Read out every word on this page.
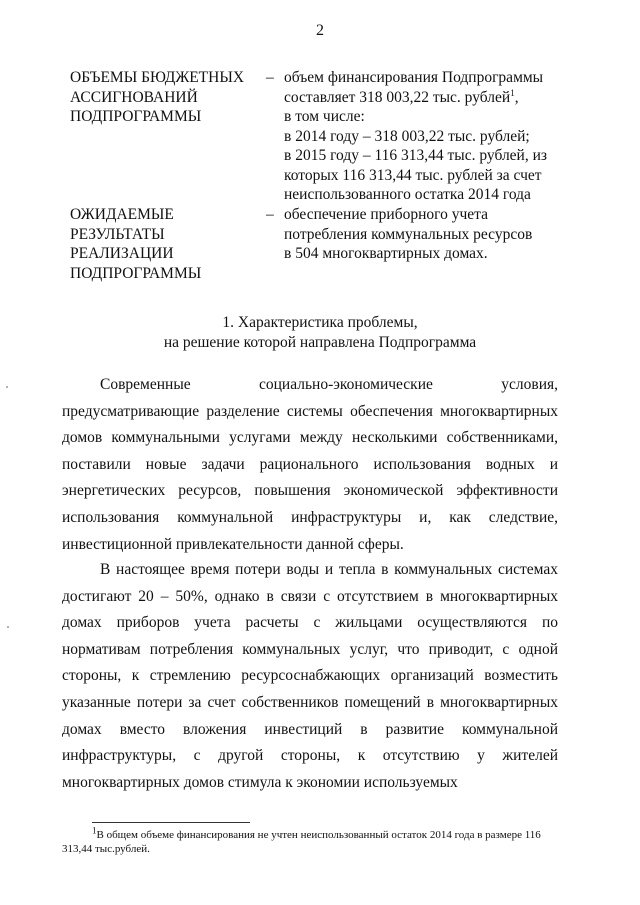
2
ОБЪЕМЫ БЮДЖЕТНЫХ
АССИГНОВАНИЙ
ПОДПРОГРАММЫ
– объем финансирования Подпрограммы
составляет 318 003,22 тыс. рублей$^1$,
в том числе:
в 2014 году – 318 003,22 тыс. рублей;
в 2015 году – 116 313,44 тыс. рублей, из
которых 116 313,44 тыс. рублей за счет
неиспользованного остатка 2014 года
ОЖИДАЕМЫЕ
РЕЗУЛЬТАТЫ
РЕАЛИЗАЦИИ
ПОДПРОГРАММЫ
– обеспечение приборного учета
потребления коммунальных ресурсов
в 504 многоквартирных домах.
1. Характеристика проблемы,
на решение которой направлена Подпрограмма
Современные социально-экономические условия, предусматривающие разделение системы обеспечения многоквартирных домов коммунальными услугами между несколькими собственниками, поставили новые задачи рационального использования водных и энергетических ресурсов, повышения экономической эффективности использования коммунальной инфраструктуры и, как следствие, инвестиционной привлекательности данной сферы.
В настоящее время потери воды и тепла в коммунальных системах достигают 20 – 50%, однако в связи с отсутствием в многоквартирных домах приборов учета расчеты с жильцами осуществляются по нормативам потребления коммунальных услуг, что приводит, с одной стороны, к стремлению ресурсоснабжающих организаций возместить указанные потери за счет собственников помещений в многоквартирных домах вместо вложения инвестиций в развитие коммунальной инфраструктуры, с другой стороны, к отсутствию у жителей многоквартирных домов стимула к экономии используемых
$^1$В общем объеме финансирования не учтен неиспользованный остаток 2014 года в размере 116 313,44 тыс.рублей.
